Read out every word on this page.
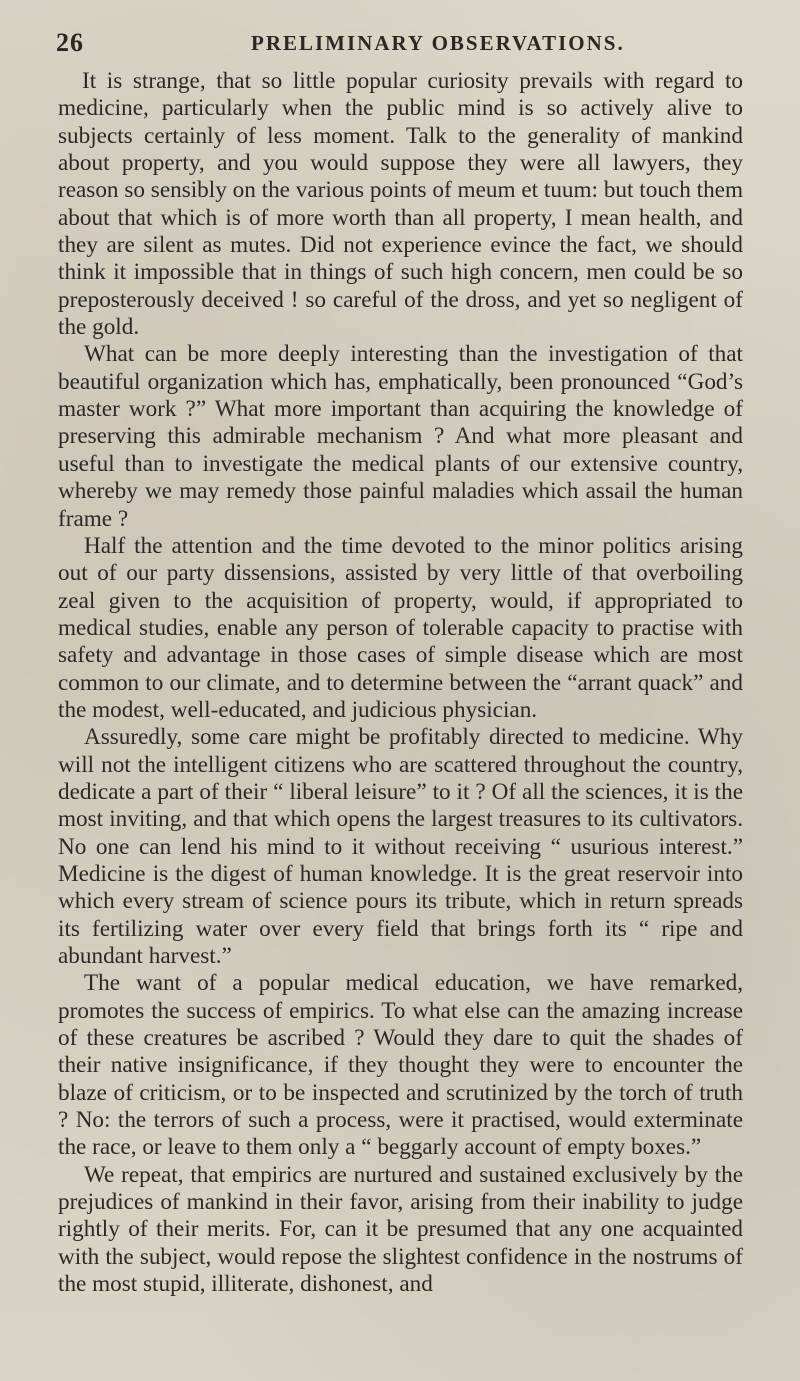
26	PRELIMINARY OBSERVATIONS.

It is strange, that so little popular curiosity prevails with regard to medicine, particularly when the public mind is so actively alive to subjects certainly of less moment. Talk to the generality of mankind about property, and you would suppose they were all lawyers, they reason so sensibly on the various points of meum et tuum: but touch them about that which is of more worth than all property, I mean health, and they are silent as mutes. Did not experience evince the fact, we should think it impossible that in things of such high concern, men could be so preposterously deceived ! so careful of the dross, and yet so negligent of the gold.

What can be more deeply interesting than the investigation of that beautiful organization which has, emphatically, been pronounced “God’s master work ?” What more important than acquiring the knowledge of preserving this admirable mechanism ? And what more pleasant and useful than to investigate the medical plants of our extensive country, whereby we may remedy those painful maladies which assail the human frame ?

Half the attention and the time devoted to the minor politics arising out of our party dissensions, assisted by very little of that overboiling zeal given to the acquisition of property, would, if appropriated to medical studies, enable any person of tolerable capacity to practise with safety and advantage in those cases of simple disease which are most common to our climate, and to determine between the “arrant quack” and the modest, well-educated, and judicious physician.

Assuredly, some care might be profitably directed to medicine. Why will not the intelligent citizens who are scattered throughout the country, dedicate a part of their “ liberal leisure” to it ? Of all the sciences, it is the most inviting, and that which opens the largest treasures to its cultivators. No one can lend his mind to it without receiving “ usurious interest.” Medicine is the digest of human knowledge. It is the great reservoir into which every stream of science pours its tribute, which in return spreads its fertilizing water over every field that brings forth its “ ripe and abundant harvest.”

The want of a popular medical education, we have remarked, promotes the success of empirics. To what else can the amazing increase of these creatures be ascribed ? Would they dare to quit the shades of their native insignificance, if they thought they were to encounter the blaze of criticism, or to be inspected and scrutinized by the torch of truth ? No: the terrors of such a process, were it practised, would exterminate the race, or leave to them only a “ beggarly account of empty boxes.”

We repeat, that empirics are nurtured and sustained exclusively by the prejudices of mankind in their favor, arising from their inability to judge rightly of their merits. For, can it be presumed that any one acquainted with the subject, would repose the slightest confidence in the nostrums of the most stupid, illiterate, dishonest, and
